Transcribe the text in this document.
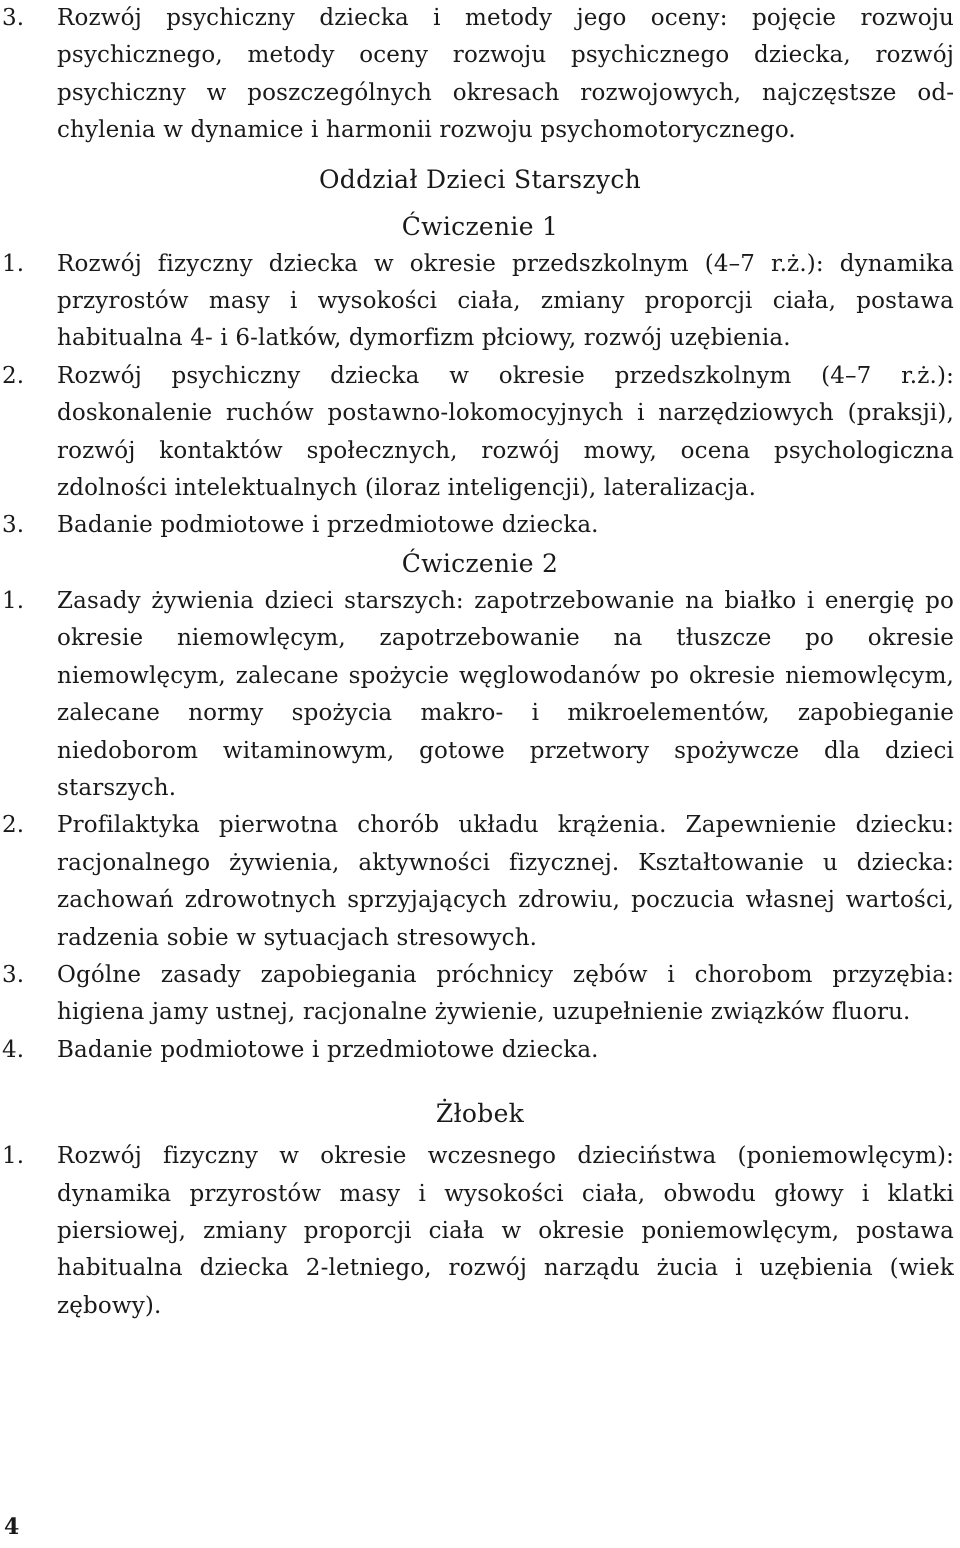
3.	Rozwój psychiczny dziecka i metody jego oceny: pojęcie rozwoju psychicznego, metody oceny rozwoju psychicznego dziecka, rozwój psychiczny w poszczególnych okresach rozwojowych, najczęstsze odchylenia w dynamice i harmonii rozwoju psychomotorycznego.
Oddział Dzieci Starszych
Ćwiczenie 1
1.	Rozwój fizyczny dziecka w okresie przedszkolnym (4–7 r.ż.): dynamika przyrostów masy i wysokości ciała, zmiany proporcji ciała, postawa habitualna 4- i 6-latków, dymorfizm płciowy, rozwój uzębienia.
2.	Rozwój psychiczny dziecka w okresie przedszkolnym (4–7 r.ż.): doskonalenie ruchów postawno-lokomocyjnych i narzędziowych (praksji), rozwój kontaktów społecznych, rozwój mowy, ocena psychologiczna zdolności intelektualnych (iloraz inteligencji), lateralizacja.
3.	Badanie podmiotowe i przedmiotowe dziecka.
Ćwiczenie 2
1.	Zasady żywienia dzieci starszych: zapotrzebowanie na białko i energię po okresie niemowlęcym, zapotrzebowanie na tłuszcze po okresie niemowlęcym, zalecane spożycie węglowodanów po okresie niemowlęcym, zalecane normy spożycia makro- i mikroelementów, zapobieganie niedoborom witaminowym, gotowe przetwory spożywcze dla dzieci starszych.
2.	Profilaktyka pierwotna chorób układu krążenia. Zapewnienie dziecku: racjonalnego żywienia, aktywności fizycznej. Kształtowanie u dziecka: zachowań zdrowotnych sprzyjających zdrowiu, poczucia własnej wartości, radzenia sobie w sytuacjach stresowych.
3.	Ogólne zasady zapobiegania próchnicy zębów i chorobom przyzębia: higiena jamy ustnej, racjonalne żywienie, uzupełnienie związków fluoru.
4.	Badanie podmiotowe i przedmiotowe dziecka.
Żłobek
1.	Rozwój fizyczny w okresie wczesnego dzieciństwa (poniemowlęcym): dynamika przyrostów masy i wysokości ciała, obwodu głowy i klatki piersiowej, zmiany proporcji ciała w okresie poniemowlęcym, postawa habitualna dziecka 2-letniego, rozwój narządu żucia i uzębienia (wiek zębowy).
4
